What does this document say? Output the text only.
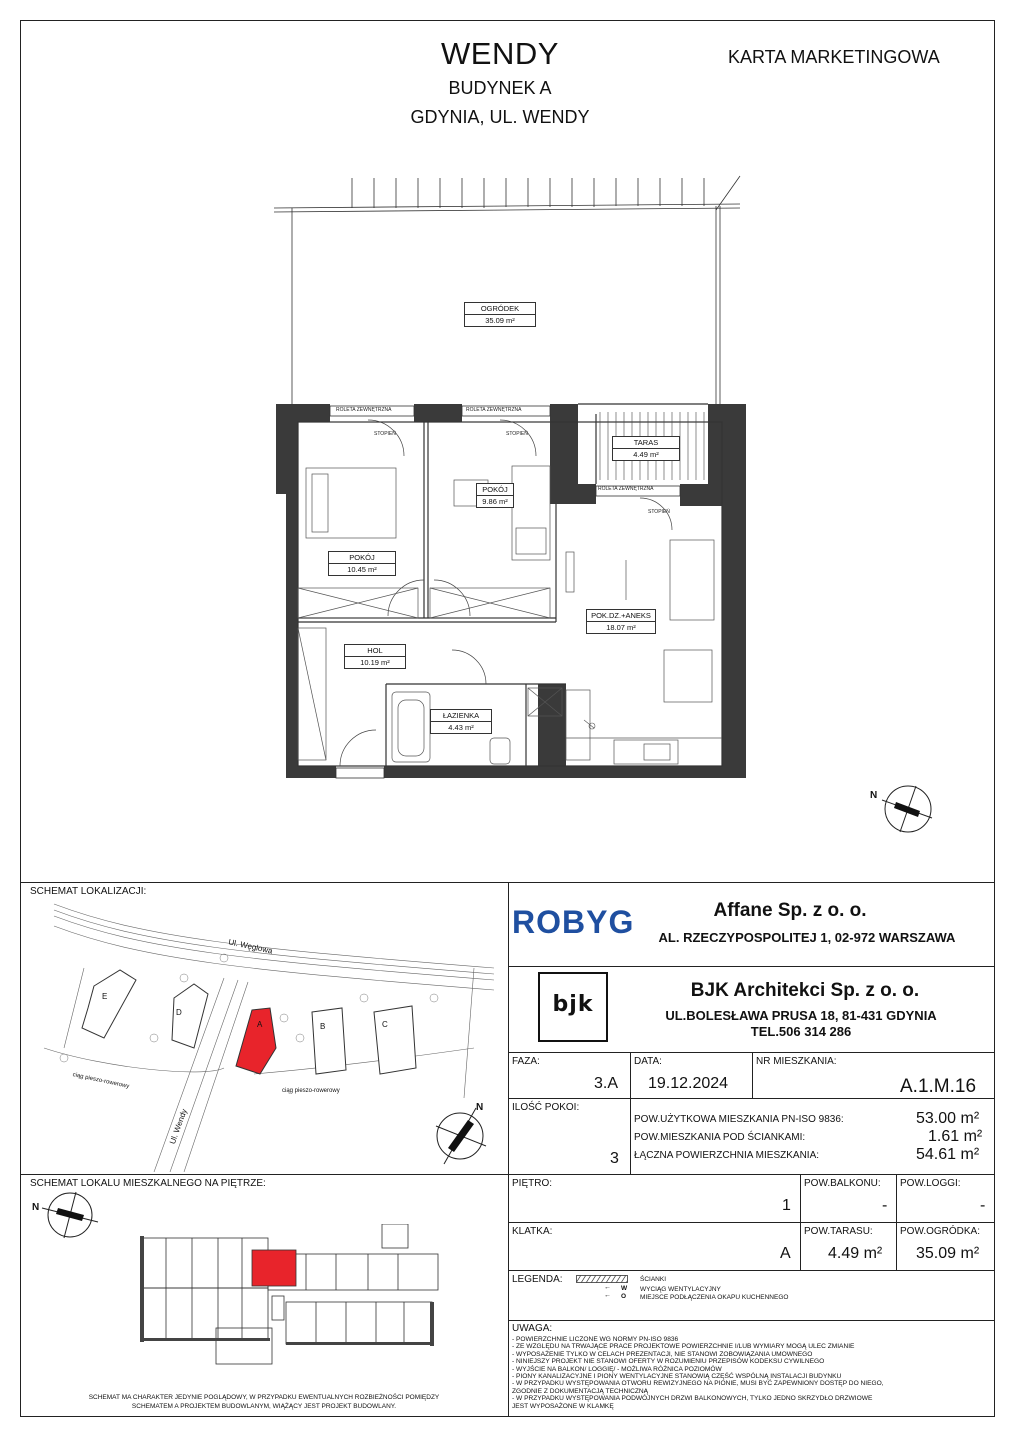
WENDY
BUDYNEK A
GDYNIA, UL. WENDY
KARTA MARKETINGOWA
OGRÓDEK
35.09 m²
TARAS
4.49 m²
POKÓJ
9.86 m²
POKÓJ
10.45 m²
POK.DZ.+ANEKS
18.07 m²
HOL
10.19 m²
ŁAZIENKA
4.43 m²
ROLETA ZEWNĘTRZNA	ROLETA ZEWNĘTRZNA
ROLETA ZEWNĘTRZNA
STOPIEŃ	STOPIEŃ
STOPIEŃ
N
SCHEMAT LOKALIZACJI:
Ul. Węglowa
Ul. Wendy
ciąg pieszo-rowerowy
ciąg pieszo-rowerowy
E
D
A	B	C
N
SCHEMAT LOKALU MIESZKALNEGO NA PIĘTRZE:
N
SCHEMAT MA CHARAKTER JEDYNIE POGLĄDOWY, W PRZYPADKU EWENTUALNYCH ROZBIEŻNOŚCI POMIĘDZY
SCHEMATEM A PROJEKTEM BUDOWLANYM, WIĄŻĄCY JEST PROJEKT BUDOWLANY.
ROBYG	Affane Sp. z o. o.
AL. RZECZYPOSPOLITEJ 1, 02-972 WARSZAWA
bjk
BJK Architekci Sp. z o. o.
UL.BOLESŁAWA PRUSA 18, 81-431 GDYNIA
TEL.506 314 286
FAZA:
3.A
DATA:
19.12.2024
NR MIESZKANIA:
A.1.M.16
ILOŚĆ POKOI:
3
POW.UŻYTKOWA MIESZKANIA PN-ISO 9836:	53.00 m²
POW.MIESZKANIA POD ŚCIANKAMI:	1.61 m²
ŁĄCZNA POWIERZCHNIA MIESZKANIA:	54.61 m²
PIĘTRO:
1
POW.BALKONU:
-
POW.LOGGI:
-
KLATKA:
A
POW.TARASU:
4.49 m²
POW.OGRÓDKA:
35.09 m²
LEGENDA:	ŚCIANKI
← W WYCIĄG WENTYLACYJNY
← O MIEJSCE PODŁĄCZENIA OKAPU KUCHENNEGO
UWAGA:
- POWIERZCHNIE LICZONE WG NORMY PN-ISO 9836
- ZE WZGLĘDU NA TRWAJĄCE PRACE PROJEKTOWE POWIERZCHNIE I/LUB WYMIARY MOGĄ ULEC ZMIANIE
- WYPOSAŻENIE TYLKO W CELACH PREZENTACJI, NIE STANOWI ZOBOWIĄZANIA UMOWNEGO
- NINIEJSZY PROJEKT NIE STANOWI OFERTY W ROZUMIENIU PRZEPISÓW KODEKSU CYWILNEGO
- WYJŚCIE NA BALKON/ LOGGIĘ/ - MOŻLIWA RÓŻNICA POZIOMÓW
- PIONY KANALIZACYJNE I PIONY WENTYLACYJNE STANOWIĄ CZĘŚĆ WSPÓLNĄ INSTALACJI BUDYNKU
- W PRZYPADKU WYSTĘPOWANIA OTWORU REWIZYJNEGO NA PIONIE, MUSI BYĆ ZAPEWNIONY DOSTĘP DO NIEGO,
ZGODNIE Z DOKUMENTACJĄ TECHNICZNĄ
- W PRZYPADKU WYSTĘPOWANIA PODWÓJNYCH DRZWI BALKONOWYCH, TYLKO JEDNO SKRZYDŁO DRZWIOWE
JEST WYPOSAŻONE W KLAMKĘ
